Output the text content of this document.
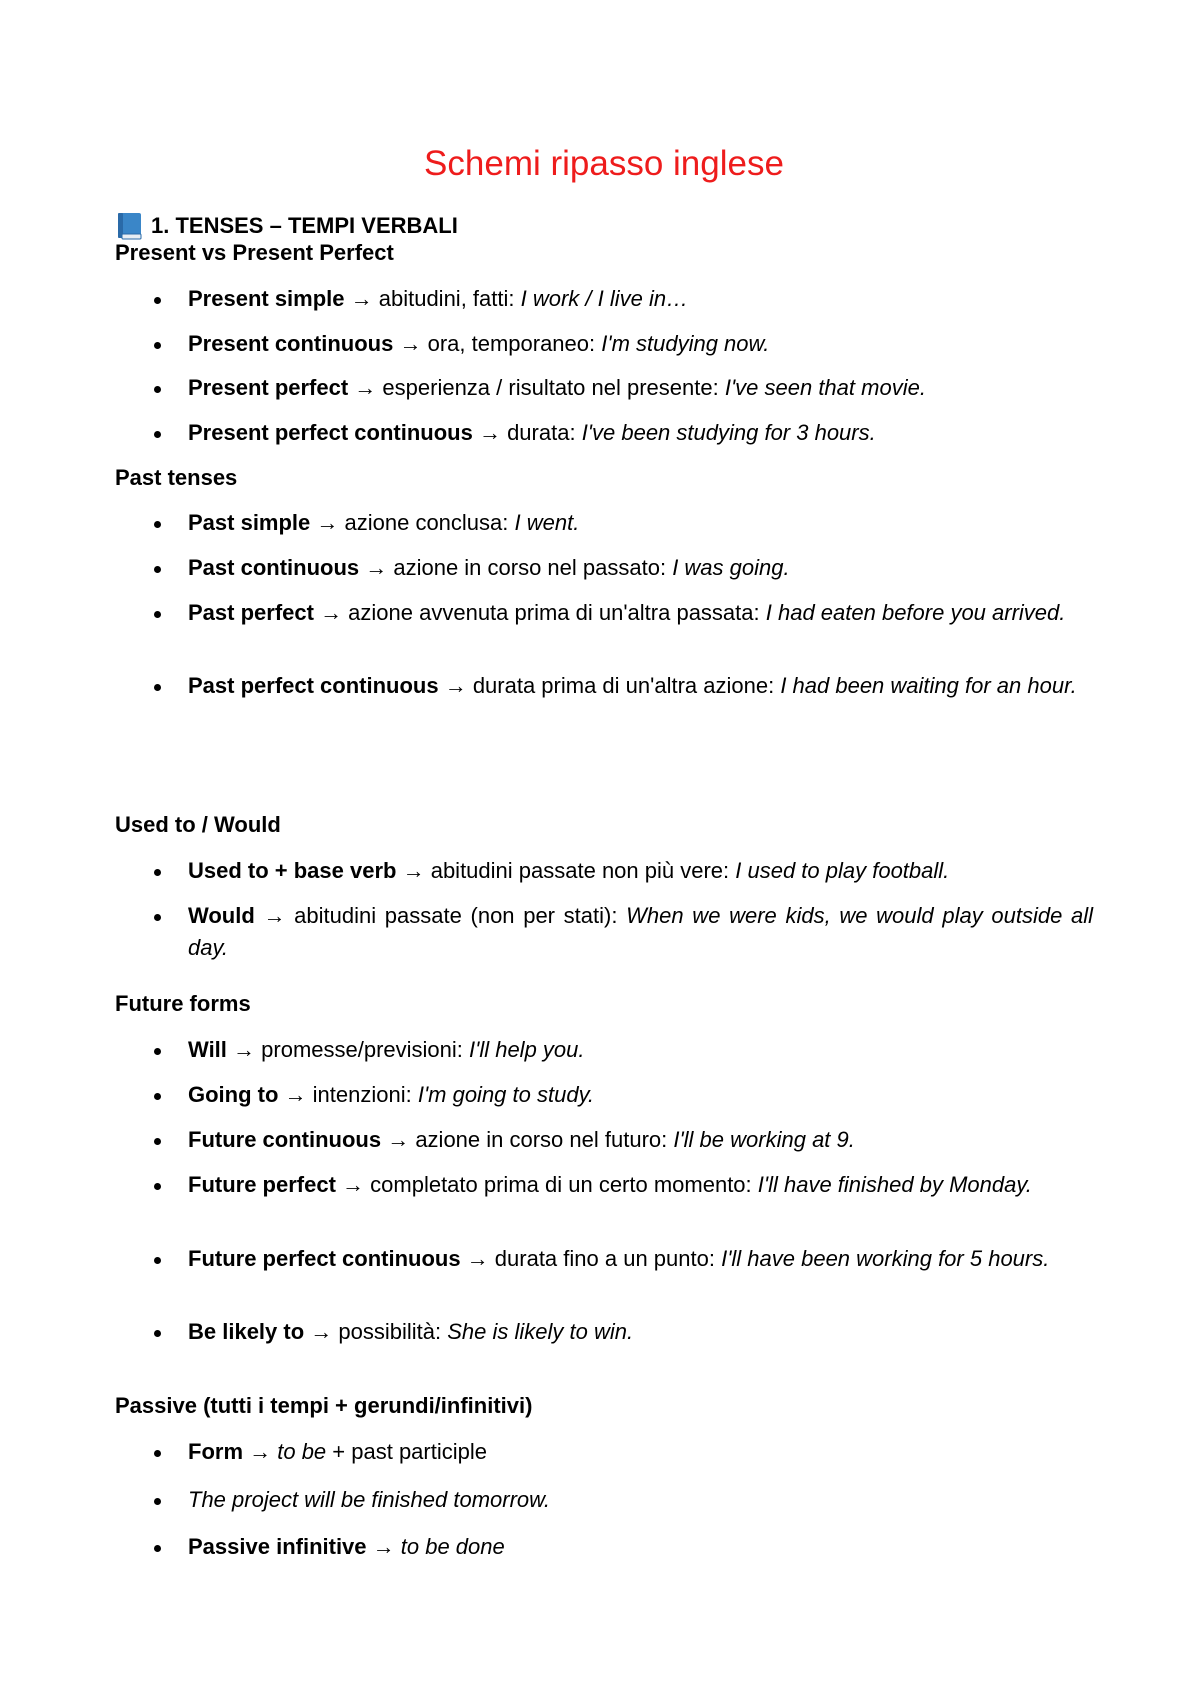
Schemi ripasso inglese
1. TENSES – TEMPI VERBALI
Present vs Present Perfect
Present simple → abitudini, fatti: I work / I live in…
Present continuous → ora, temporaneo: I'm studying now.
Present perfect → esperienza / risultato nel presente: I've seen that movie.
Present perfect continuous → durata: I've been studying for 3 hours.
Past tenses
Past simple → azione conclusa: I went.
Past continuous → azione in corso nel passato: I was going.
Past perfect → azione avvenuta prima di un'altra passata: I had eaten before you arrived.
Past perfect continuous → durata prima di un'altra azione: I had been waiting for an hour.
Used to / Would
Used to + base verb → abitudini passate non più vere: I used to play football.
Would → abitudini passate (non per stati): When we were kids, we would play outside all day.
Future forms
Will → promesse/previsioni: I'll help you.
Going to → intenzioni: I'm going to study.
Future continuous → azione in corso nel futuro: I'll be working at 9.
Future perfect → completato prima di un certo momento: I'll have finished by Monday.
Future perfect continuous → durata fino a un punto: I'll have been working for 5 hours.
Be likely to → possibilità: She is likely to win.
Passive (tutti i tempi + gerundi/infinitivi)
Form → to be + past participle
The project will be finished tomorrow.
Passive infinitive → to be done
